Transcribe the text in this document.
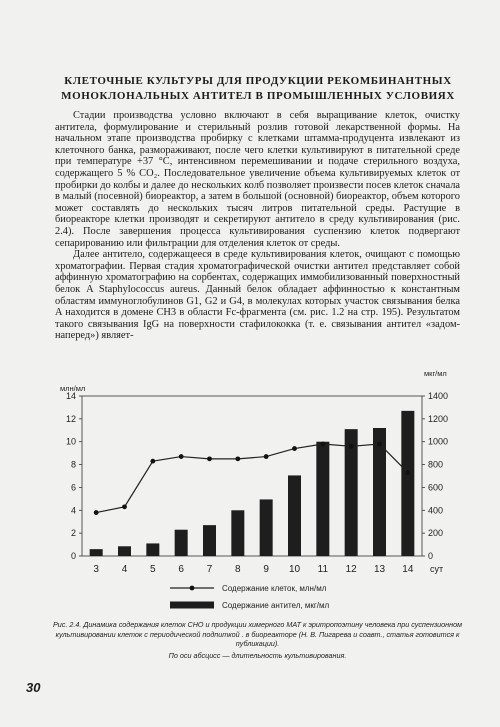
КЛЕТОЧНЫЕ КУЛЬТУРЫ ДЛЯ ПРОДУКЦИИ РЕКОМБИНАНТНЫХ МОНОКЛОНАЛЬНЫХ АНТИТЕЛ В ПРОМЫШЛЕННЫХ УСЛОВИЯХ

Стадии производства условно включают в себя выращивание клеток, очистку антитела, формулирование и стерильный розлив готовой лекарственной формы. На начальном этапе производства пробирку с клетками штамма-продуцента извлекают из клеточного банка, размораживают, после чего клетки культивируют в питательной среде при температуре +37 °С, интенсивном перемешивании и подаче стерильного воздуха, содержащего 5 % CO₂. Последовательное увеличение объема культивируемых клеток от пробирки до колбы и далее до нескольких колб позволяет произвести посев клеток сначала в малый (посевной) биореактор, а затем в большой (основной) биореактор, объем которого может составлять до нескольких тысяч литров питательной среды. Растущие в биореакторе клетки производят и секретируют антитело в среду культивирования (рис. 2.4). После завершения процесса культивирования суспензию клеток подвергают сепарированию или фильтрации для отделения клеток от среды.

Далее антитело, содержащееся в среде культивирования клеток, очищают с помощью хроматографии. Первая стадия хроматографической очистки антител представляет собой аффинную хроматографию на сорбентах, содержащих иммобилизованный поверхностный белок A Staphylococcus aureus. Данный белок обладает аффинностью к константным областям иммуноглобулинов G1, G2 и G4, в молекулах которых участок связывания белка A находится в домене CH3 в области Fc-фрагмента (см. рис. 1.2 на стр. 195). Результатом такого связывания IgG на поверхности стафилококка (т. е. связывания антител «задом-наперед») являет-

0
2
4
6
8
10
12
14
млн/мл
0
200
400
600
800
1000
1200
1400
мкг/мл
3 4 5 6 7 8 9 10 11 12 13 14 сут
Содержание клеток, млн/мл
Содержание антител, мкг/мл
Рис. 2.4. Динамика содержания клеток CHO и продукции химерного MAT к эритропоэтину человека при суспензионном культивировании клеток с периодической подпиткой . в биореакторе (Н. В. Пигарева и соавт., статья готовится к публикации).
По оси абсцисс — длительность культивирования.
30
